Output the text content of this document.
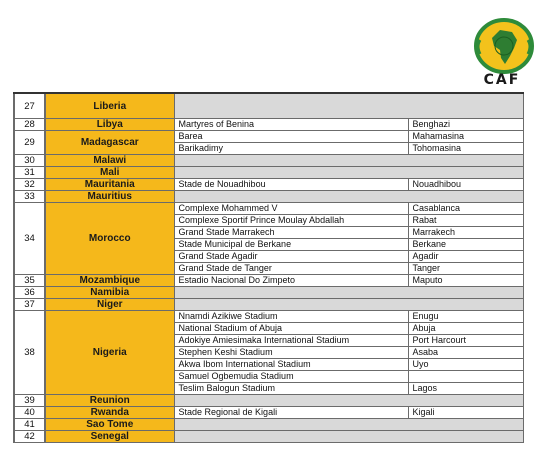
CAF
27	Liberia		
28	Libya	Martyres of Benina	Benghazi
29	Madagascar	Barea	Mahamasina
		Barikadimy	Tohomasina
30	Malawi		
31	Mali		
32	Mauritania	Stade de Nouadhibou	Nouadhibou
33	Mauritius		
34	Morocco	Complexe Mohammed V	Casablanca
		Complexe Sportif Prince Moulay Abdallah	Rabat
		Grand Stade Marrakech	Marrakech
		Stade Municipal de Berkane	Berkane
		Grand Stade Agadir	Agadir
		Grand Stade de Tanger	Tanger
35	Mozambique	Estadio Nacional Do Zimpeto	Maputo
36	Namibia		
37	Niger		
38	Nigeria	Nnamdi Azikiwe Stadium	Enugu
		National Stadium of Abuja	Abuja
		Adokiye Amiesimaka International Stadium	Port Harcourt
		Stephen Keshi Stadium	Asaba
		Akwa Ibom International Stadium	Uyo
		Samuel Ogbemudia Stadium	
		Teslim Balogun Stadium	Lagos
39	Reunion		
40	Rwanda	Stade Regional de Kigali	Kigali
41	Sao Tome		
42	Senegal		
